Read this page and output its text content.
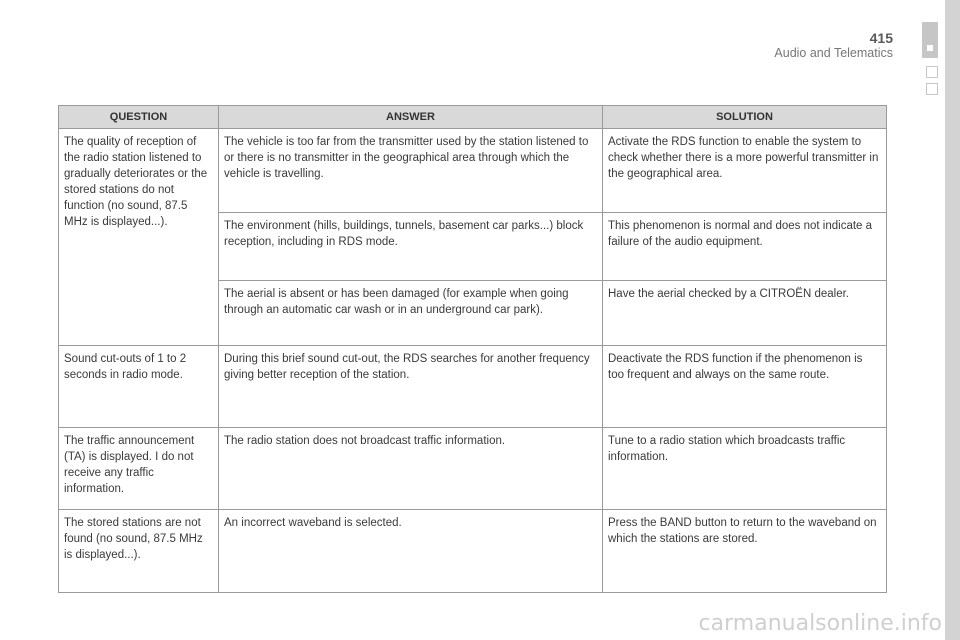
415
Audio and Telematics
QUESTION	ANSWER	SOLUTION
The quality of reception of the radio station listened to gradually deteriorates or the stored stations do not function (no sound, 87.5 MHz is displayed...).	The vehicle is too far from the transmitter used by the station listened to or there is no transmitter in the geographical area through which the vehicle is travelling.	Activate the RDS function to enable the system to check whether there is a more powerful transmitter in the geographical area.
	The environment (hills, buildings, tunnels, basement car parks...) block reception, including in RDS mode.	This phenomenon is normal and does not indicate a failure of the audio equipment.
	The aerial is absent or has been damaged (for example when going through an automatic car wash or in an underground car park).	Have the aerial checked by a CITROËN dealer.
Sound cut-outs of 1 to 2 seconds in radio mode.	During this brief sound cut-out, the RDS searches for another frequency giving better reception of the station.	Deactivate the RDS function if the phenomenon is too frequent and always on the same route.
The traffic announcement (TA) is displayed. I do not receive any traffic information.	The radio station does not broadcast traffic information.	Tune to a radio station which broadcasts traffic information.
The stored stations are not found (no sound, 87.5 MHz is displayed...).	An incorrect waveband is selected.	Press the BAND button to return to the waveband on which the stations are stored.
carmanualsonline.info
